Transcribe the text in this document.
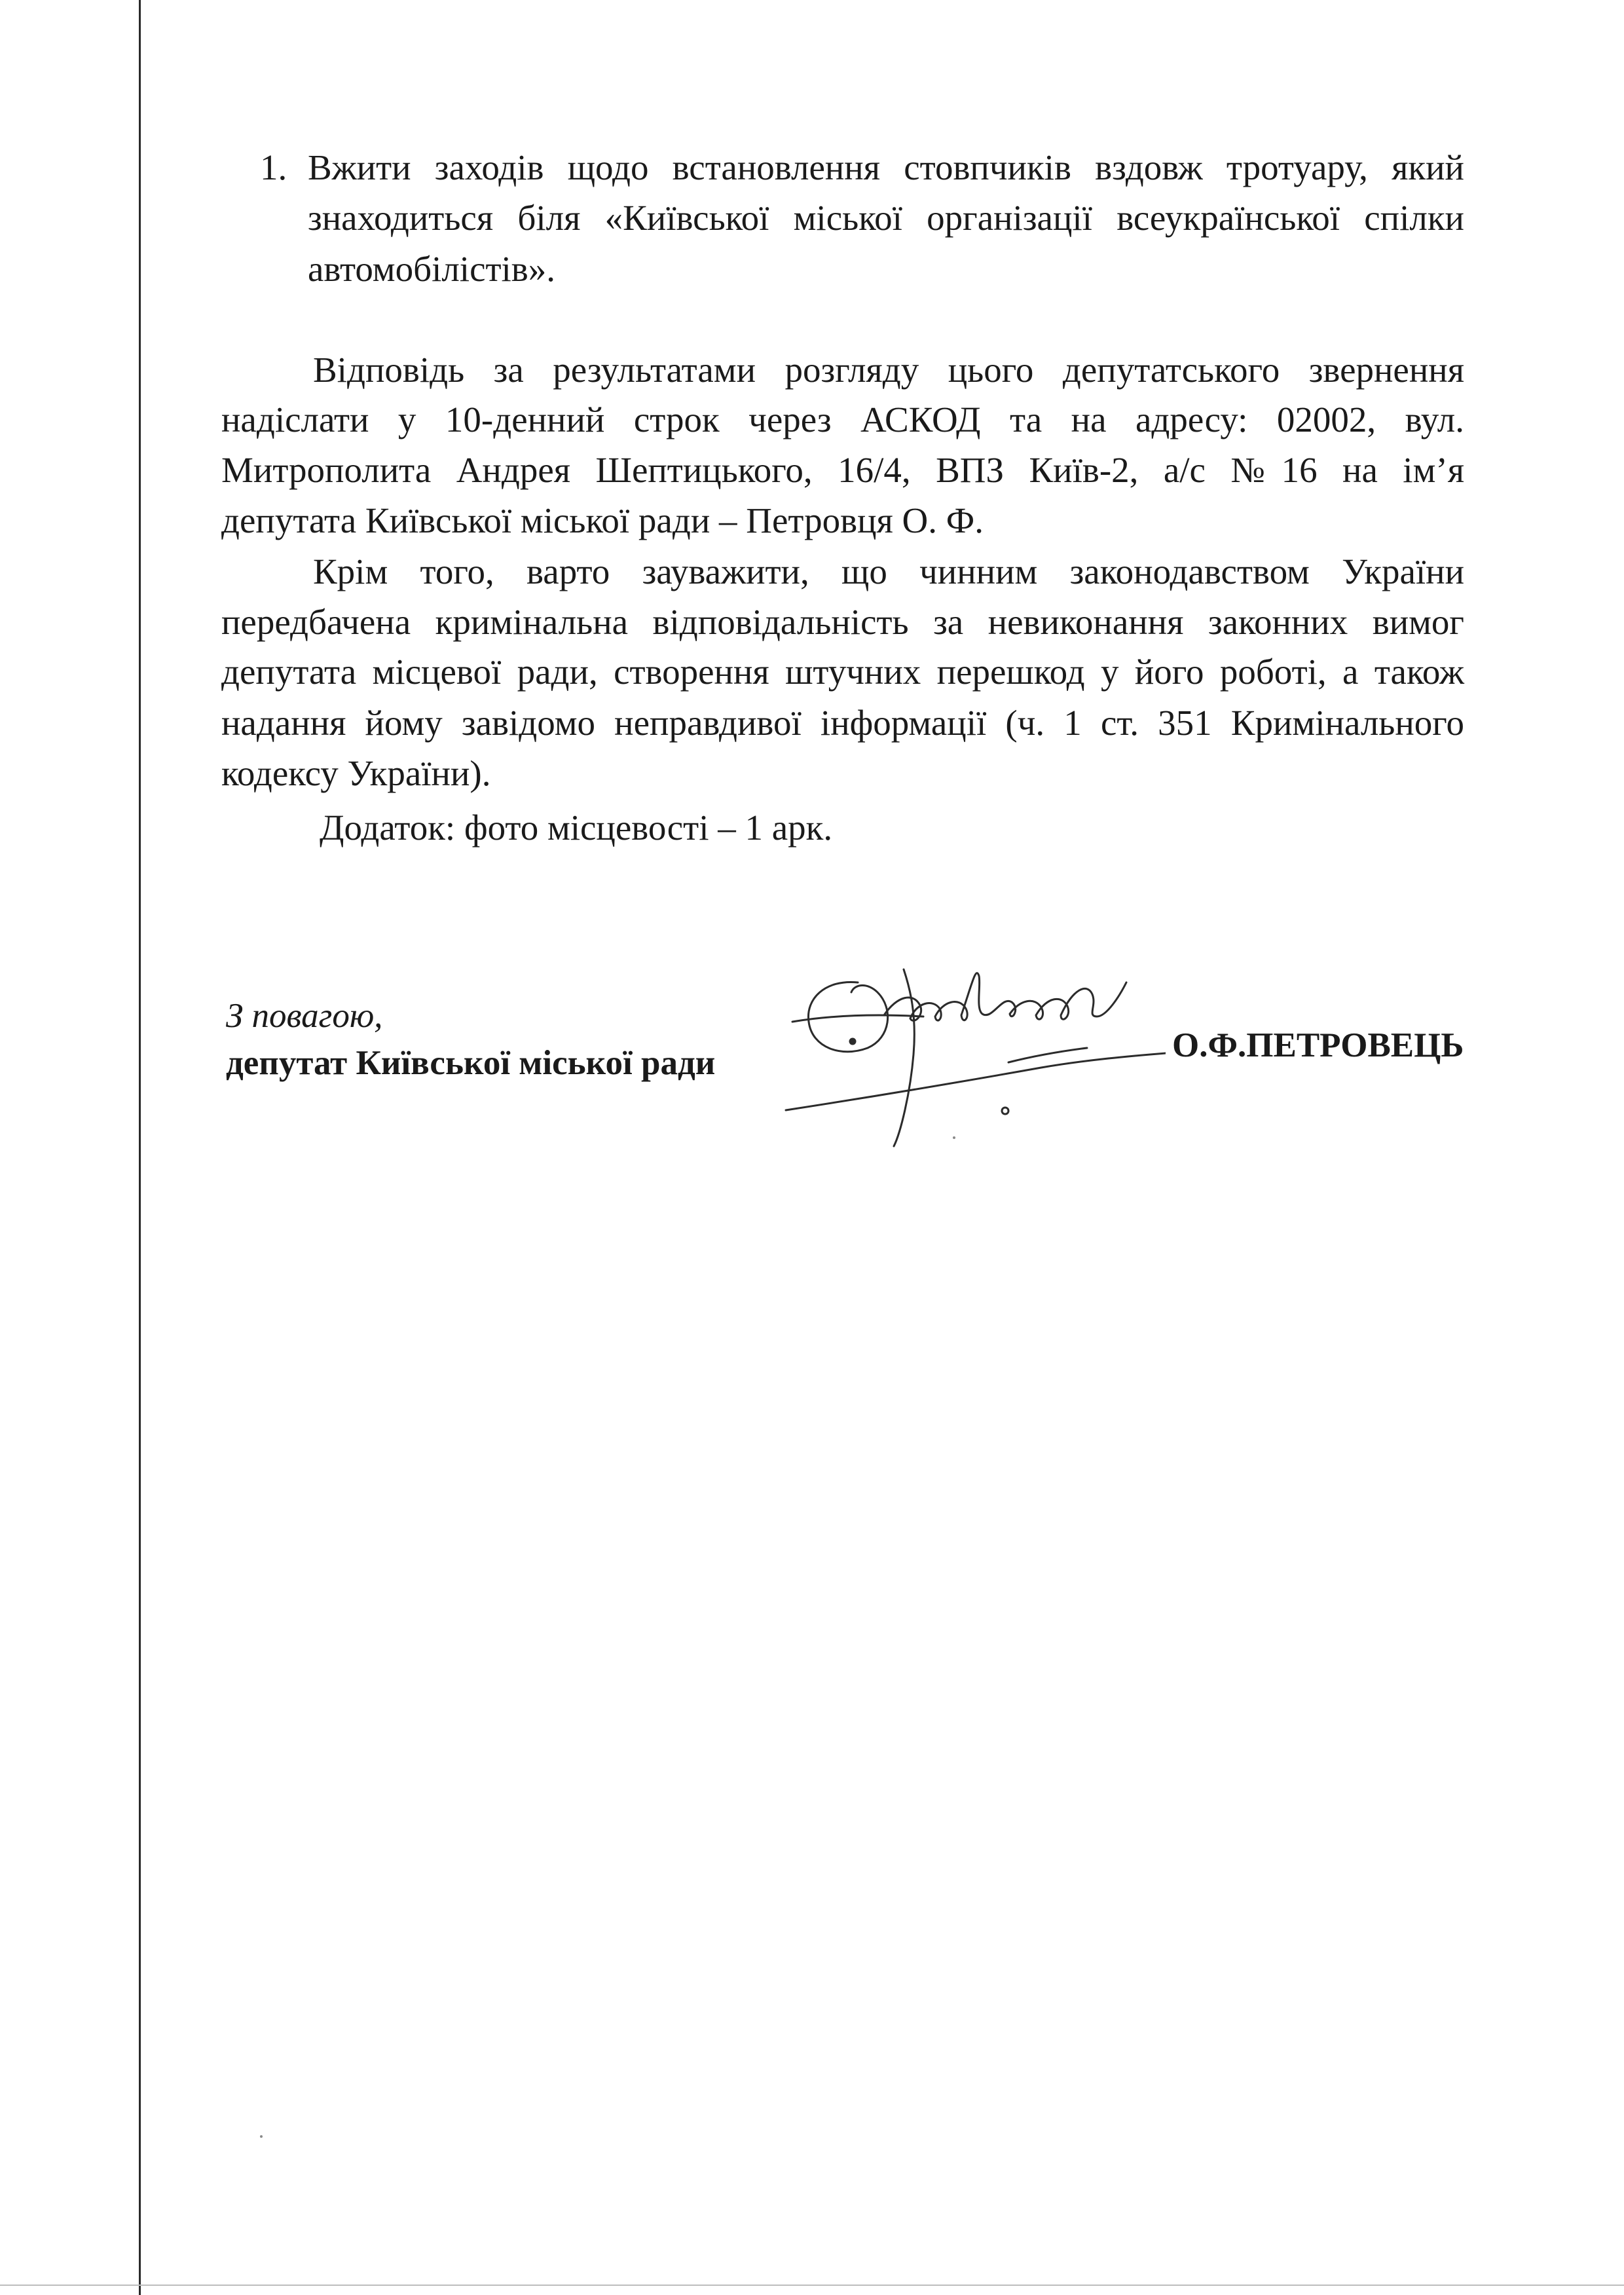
1. Вжити заходів щодо встановлення стовпчиків вздовж тротуару, який
знаходиться біля «Київської міської організації всеукраїнської спілки
автомобілістів».
Відповідь за результатами розгляду цього депутатського звернення
надіслати у 10-денний строк через АСКОД та на адресу: 02002, вул.
Митрополита Андрея Шептицького, 16/4, ВПЗ Київ-2, а/с №16 на ім’я
депутата Київської міської ради – Петровця О. Ф.
Крім того, варто зауважити, що чинним законодавством України
передбачена кримінальна відповідальність за невиконання законних вимог
депутата місцевої ради, створення штучних перешкод у його роботі, а також
надання йому завідомо неправдивої інформації (ч. 1 ст. 351 Кримінального
кодексу України).
Додаток: фото місцевості – 1 арк.
З повагою,
депутат Київської міської ради	О.Ф.ПЕТРОВЕЦЬ
